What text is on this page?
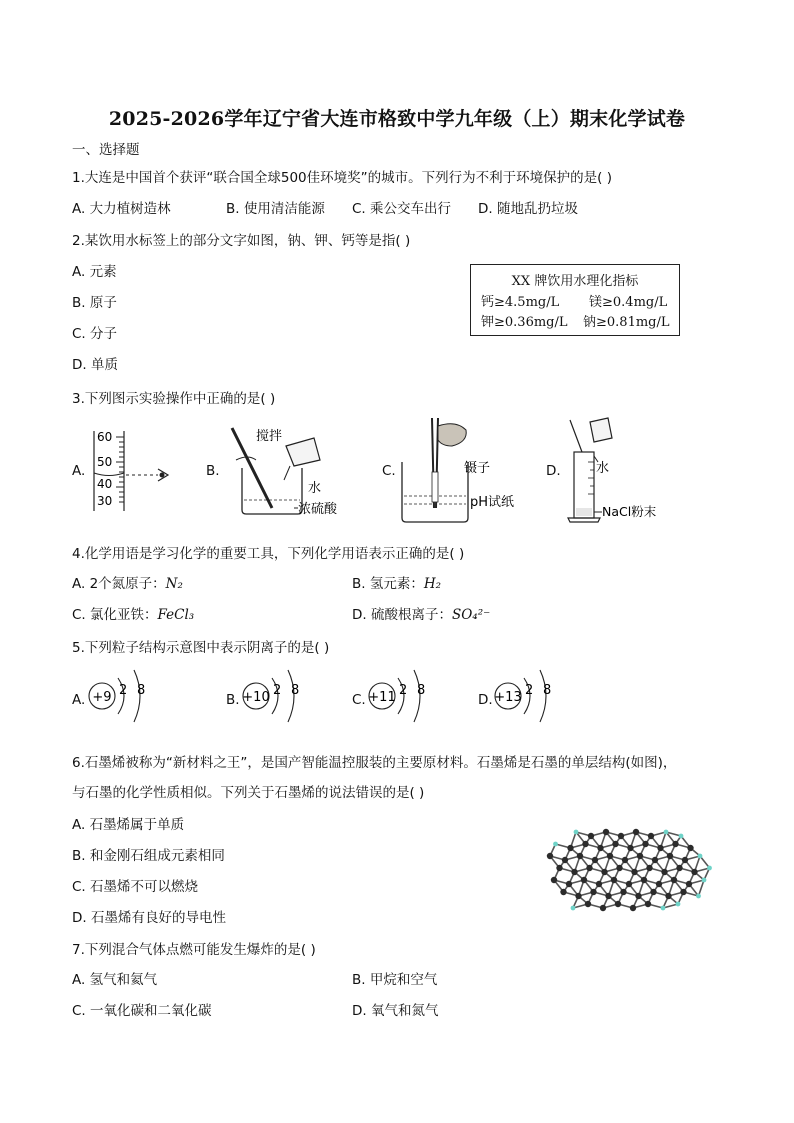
2025-2026学年辽宁省大连市格致中学九年级（上）期末化学试卷
一、选择题
1.大连是中国首个获评“联合国全球500佳环境奖”的城市。下列行为不利于环境保护的是( )
A. 大力植树造林	B. 使用清洁能源 C. 乘公交车出行 D. 随地乱扔垃圾
2.某饮用水标签上的部分文字如图，钠、钾、钙等是指( )
A. 元素
B. 原子
C. 分子
D. 单质
XX 牌饮用水理化指标
钙≥4.5mg/L 镁≥0.4mg/L
钾≥0.36mg/L 钠≥0.81mg/L
3.下列图示实验操作中正确的是( )
A.
60
50
40
30
B.
搅拌
水
浓硫酸
C.	镊子
pH试纸
D.	水
NaCl粉末
4.化学用语是学习化学的重要工具，下列化学用语表示正确的是( )
A. 2个氮原子：N₂	B. 氢元素：H₂
C. 氯化亚铁：FeCl₃	D. 硫酸根离子：SO₄²⁻
5.下列粒子结构示意图中表示阴离子的是( )
A. +9 2 8
B. +10 2 8
C. +11 2 8
D. +13 2 8
6.石墨烯被称为“新材料之王”，是国产智能温控服装的主要原材料。石墨烯是石墨的单层结构(如图)，
与石墨的化学性质相似。下列关于石墨烯的说法错误的是( )
A. 石墨烯属于单质
B. 和金刚石组成元素相同
C. 石墨烯不可以燃烧
D. 石墨烯有良好的导电性
7.下列混合气体点燃可能发生爆炸的是( )
A. 氢气和氦气	B. 甲烷和空气
C. 一氧化碳和二氧化碳	D. 氧气和氮气
